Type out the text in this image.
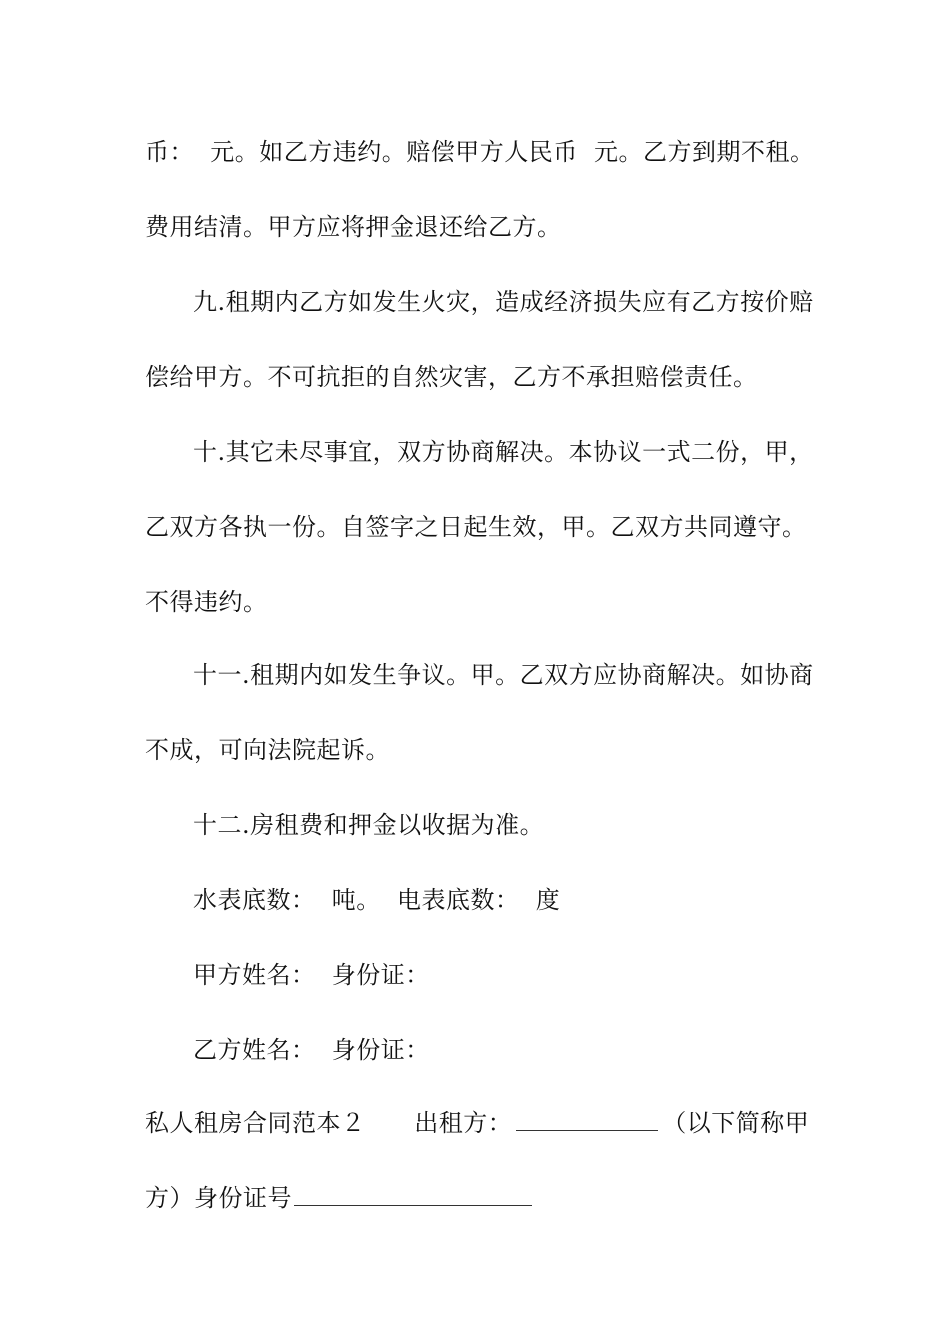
币：  元。如乙方违约。赔偿甲方人民币  元。乙方到期不租。
费用结清。甲方应将押金退还给乙方。
九.租期内乙方如发生火灾，造成经济损失应有乙方按价赔
偿给甲方。不可抗拒的自然灾害，乙方不承担赔偿责任。
十.其它未尽事宜，双方协商解决。本协议一式二份，甲，
乙双方各执一份。自签字之日起生效，甲。乙双方共同遵守。
不得违约。
十一.租期内如发生争议。甲。乙双方应协商解决。如协商
不成，可向法院起诉。
十二.房租费和押金以收据为准。
水表底数：  吨。  电表底数：  度
甲方姓名：  身份证：
乙方姓名：  身份证：
私人租房合同范本２ 出租方：	（以下简称甲
方）身份证号
